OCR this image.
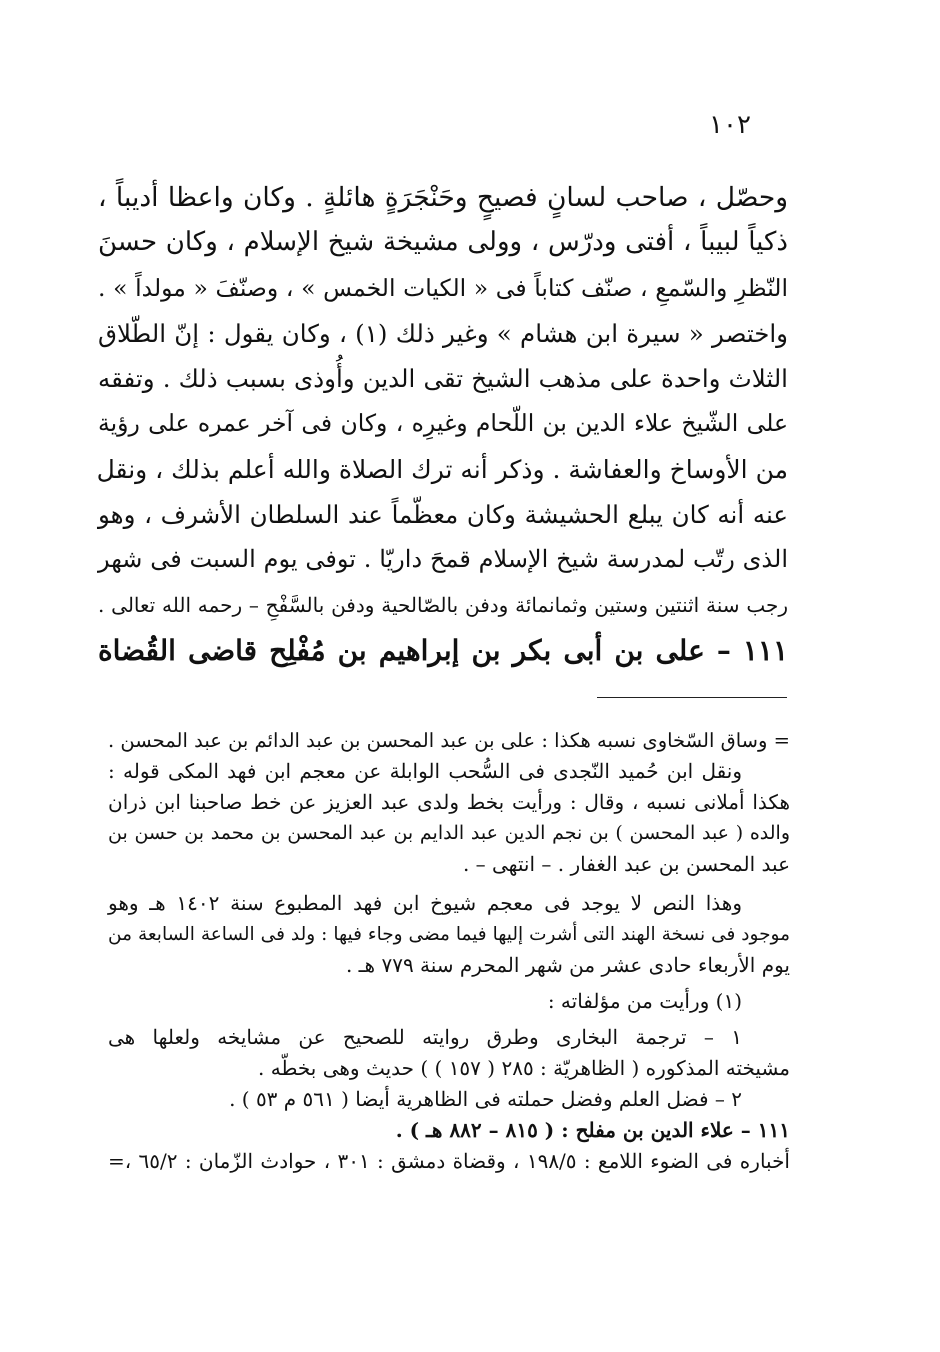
١٠٢
وحصّل ، صاحب لسانٍ فصيحٍ وحَنْجَرَةٍ هائلةٍ . وكان واعظا أديباً ،
ذكياً لبيباً ، أفتى ودرّس ، وولى مشيخة شيخ الإسلام ، وكان حسنَ
النّظرِ والسّمعِ ، صنّف كتاباً فى « الكيات الخمس » ، وصنّفَ « مولداً » .
واختصر « سيرة ابن هشام » وغير ذلك (١) ، وكان يقول : إنّ الطّلاق
الثلاث واحدة على مذهب الشيخ تقى الدين وأُوذى بسبب ذلك . وتفقه
على الشّيخ علاء الدين بن اللّحام وغيرِه ، وكان فى آخر عمره على رؤية
من الأوساخ والعفاشة . وذكر أنه ترك الصلاة والله أعلم بذلك ، ونقل
عنه أنه كان يبلع الحشيشة وكان معظّماً عند السلطان الأشرف ، وهو
الذى رتّب لمدرسة شيخ الإسلام قمحَ داريّا . توفى يوم السبت فى شهر
رجب سنة اثنتين وستين وثمانمائة ودفن بالصّالحية ودفن بالسَّفْحِ – رحمه الله تعالى .
١١١ – على بن أبى بكر بن إبراهيم بن مُفْلِح قاضى القُضاة
= وساق السّخاوى نسبه هكذا : على بن عبد المحسن بن عبد الدائم بن عبد المحسن .
ونقل ابن حُميد النّجدى فى السُّحب الوابلة عن معجم ابن فهد المكى قوله :
هكذا أملانى نسبه ، وقال : ورأيت بخط ولدى عبد العزيز عن خط صاحبنا ابن ذران
والده ( عبد المحسن ) بن نجم الدين عبد الدايم بن عبد المحسن بن محمد بن حسن بن
عبد المحسن بن عبد الغفار . – انتهى – .
وهذا النص لا يوجد فى معجم شيوخ ابن فهد المطبوع سنة ١٤٠٢ هـ وهو
موجود فى نسخة الهند التى أشرت إليها فيما مضى وجاء فيها : ولد فى الساعة السابعة من
يوم الأربعاء حادى عشر من شهر المحرم سنة ٧٧٩ هـ .
(١) ورأيت من مؤلفاته :
١ – ترجمة البخارى وطرق روايته للصحيح عن مشايخه ولعلها هى
مشيخته المذكوره ( الظاهريّة : ٢٨٥ ( ١٥٧ ) ) حديث وهى بخطّه .
٢ – فضل العلم وفضل حملته فى الظاهرية أيضا ( ٥٦١ م ٥٣ ) .
١١١ – علاء الدين بن مفلح : ( ٨١٥ – ٨٨٢ هـ ) .
أخباره فى الضوء اللامع : ١٩٨/٥ ، وقضاة دمشق : ٣٠١ ، حوادث الزّمان : ٦٥/٢ ،=
